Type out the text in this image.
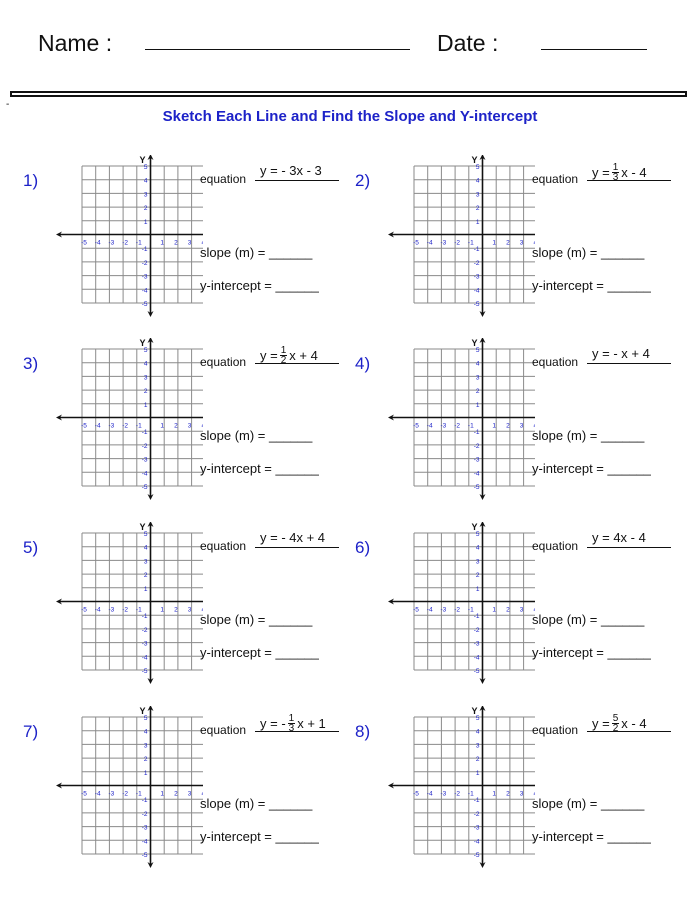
Name :	Date :
-
Sketch Each Line and Find the Slope and Y-intercept
1)
-5
-1
-4
-2
-3
-3
-2
-4
-1
-5
1
1
2
2
3
3
4
5
Y
equation
y = - 3x - 3
slope (m) = ______
y-intercept = ______
2)
-5
-1
-4
-2
-3
-3
-2
-4
-1
-5
1
1
2
2
3
3
4
5
Y
equation $y = \frac{1}{3}$ x - 4
slope (m) = ______
y-intercept = ______
3)
-5
-1
-4
-2
-3
-3
-2
-4
-1
-5
1
1
2
2
3
3
4
5
Y
equation $y = \frac{1}{2}$ x + 4
slope (m) = ______
y-intercept = ______
4)
-5
-1
-4
-2
-3
-3
-2
-4
-1
-5
1
1
2
2
3
3
4
5
Y
equation
y = - x + 4
slope (m) = ______
y-intercept = ______
5)
-5
-1
-4
-2
-3
-3
-2
-4
-1
-5
1
1
2
2
3
3
4
5
Y
equation
y = - 4x + 4
slope (m) = ______
y-intercept = ______
6)
-5
-1
-4
-2
-3
-3
-2
-4
-1
-5
1
1
2
2
3
3
4
5
Y
equation
y = 4x - 4
slope (m) = ______
y-intercept = ______
7)
-5
-1
-4
-2
-3
-3
-2
-4
-1
-5
1
1
2
2
3
3
4
5
Y
equation y = - $\frac{1}{3}$ x + 1
slope (m) = ______
y-intercept = ______
8)
-5
-1
-4
-2
-3
-3
-2
-4
-1
-5
1
1
2
2
3
3
4
5
Y
equation $y = \frac{5}{2}$ x - 4
slope (m) = ______
y-intercept = ______
